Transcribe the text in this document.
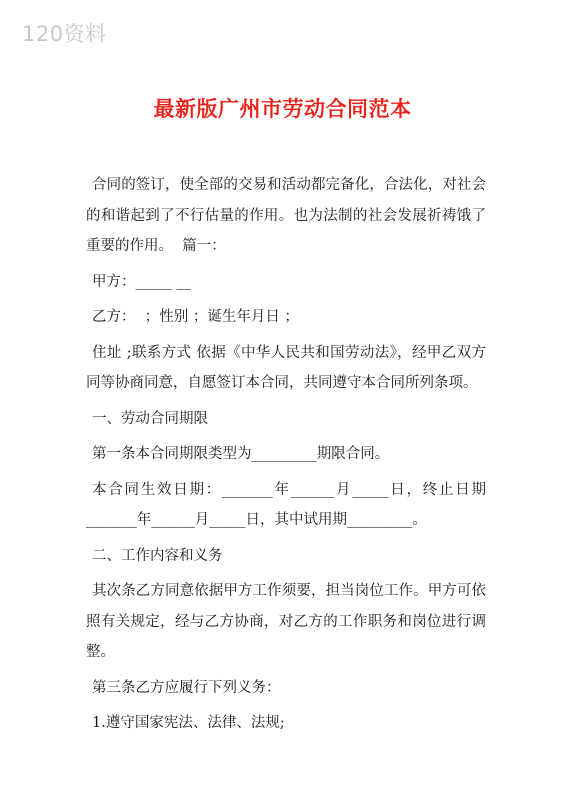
120资料
最新版广州市劳动合同范本

合同的签订，使全部的交易和活动都完备化，合法化，对社会的和谐起到了不行估量的作用。也为法制的社会发展祈祷饿了重要的作用。  篇一：

甲方：_____ __

乙方：  ；性别 ；诞生年月日 ；

住址 ;联系方式 依据《中华人民共和国劳动法》，经甲乙双方同等协商同意，自愿签订本合同，共同遵守本合同所列条项。

一、劳动合同期限

第一条本合同期限类型为_________期限合同。

本合同生效日期：_______年______月_____日，终止日期_______年______月_____日，其中试用期_________。

二、工作内容和义务

其次条乙方同意依据甲方工作须要，担当岗位工作。甲方可依照有关规定，经与乙方协商，对乙方的工作职务和岗位进行调整。

第三条乙方应履行下列义务：

1.遵守国家宪法、法律、法规;
